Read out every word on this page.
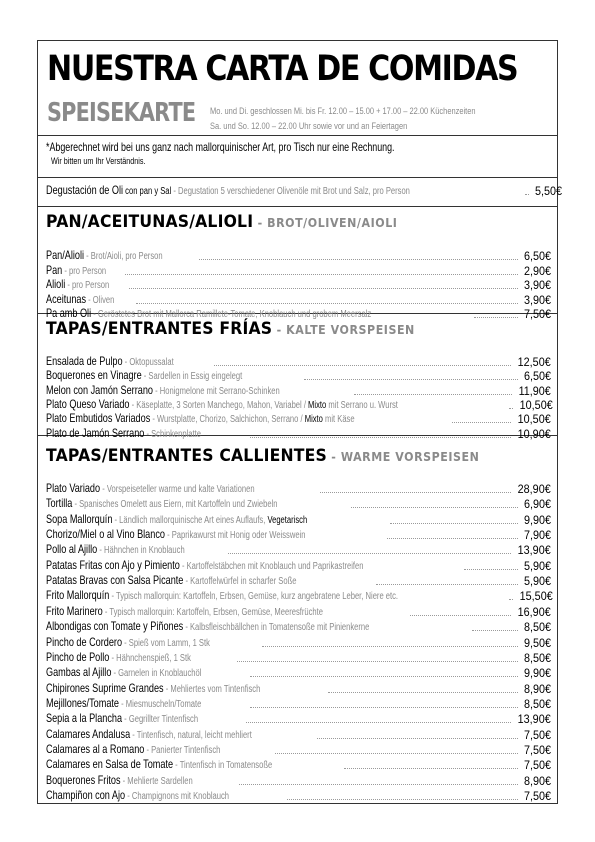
NUESTRA CARTA DE COMIDAS
SPEISEKARTE Mo. und Di. geschlossen Mi. bis Fr. 12.00 – 15.00 + 17.00 – 22.00 Küchenzeiten
Sa. und So. 12.00 – 22.00 Uhr sowie vor und an Feiertagen
*Abgerechnet wird bei uns ganz nach mallorquinischer Art, pro Tisch nur eine Rechnung.
Wir bitten um Ihr Verständnis.
Degustación de Oli con pan y Sal - Degustation 5 verschiedener Olivenöle mit Brot und Salz, pro Person	5,50€
PAN/ACEITUNAS/ALIOLI - BROT/OLIVEN/AIOLI
Pan/Alioli - Brot/Aioli, pro Person	6,50€
Pan - pro Person	2,90€
Alioli - pro Person	3,90€
Aceitunas - Oliven	3,90€
Pa amb Oli - Geröstetes Brot mit Mallorca Ramillete-Tomate, Knoblauch und grobem Meersalz	7,50€
TAPAS/ENTRANTES FRÍAS - KALTE VORSPEISEN
Ensalada de Pulpo - Oktopussalat	12,50€
Boquerones en Vinagre - Sardellen in Essig eingelegt	6,50€
Melon con Jamón Serrano - Honigmelone mit Serrano-Schinken	11,90€
Plato Queso Variado - Käseplatte, 3 Sorten Manchego, Mahon, Variabel / Mixto mit Serrano u. Wurst	10,50€
Plato Embutidos Variados - Wurstplatte, Chorizo, Salchichon, Serrano / Mixto mit Käse	10,50€
Plato de Jamón Serrano - Schinkenplatte	10,90€
TAPAS/ENTRANTES CALLIENTES - WARME VORSPEISEN
Plato Variado - Vorspeiseteller warme und kalte Variationen	28,90€
Tortilla - Spanisches Omelett aus Eiern, mit Kartoffeln und Zwiebeln	6,90€
Sopa Mallorquín - Ländlich mallorquinische Art eines Auflaufs, Vegetarisch	9,90€
Chorizo/Miel o al Vino Blanco - Paprikawurst mit Honig oder Weisswein	7,90€
Pollo al Ajillo - Hähnchen in Knoblauch	13,90€
Patatas Fritas con Ajo y Pimiento - Kartoffelstäbchen mit Knoblauch und Paprikastreifen	5,90€
Patatas Bravas con Salsa Picante - Kartoffelwürfel in scharfer Soße	5,90€
Frito Mallorquín - Typisch mallorquin: Kartoffeln, Erbsen, Gemüse, kurz angebratene Leber, Niere etc.	15,50€
Frito Marinero - Typisch mallorquin: Kartoffeln, Erbsen, Gemüse, Meeresfrüchte	16,90€
Albondigas con Tomate y Piñones - Kalbsfleischbällchen in Tomatensoße mit Pinienkerne	8,50€
Pincho de Cordero - Spieß vom Lamm, 1 Stk	9,50€
Pincho de Pollo - Hähnchenspieß, 1 Stk	8,50€
Gambas al Ajillo - Garnelen in Knoblauchöl	9,90€
Chipirones Suprime Grandes - Mehliertes vom Tintenfisch	8,90€
Mejillones/Tomate - Miesmuscheln/Tomate	8,50€
Sepia a la Plancha - Gegrillter Tintenfisch	13,90€
Calamares Andalusa - Tintenfisch, natural, leicht mehliert	7,50€
Calamares al a Romano - Panierter Tintenfisch	7,50€
Calamares en Salsa de Tomate - Tintenfisch in Tomatensoße	7,50€
Boquerones Fritos - Mehlierte Sardellen	8,90€
Champiñon con Ajo - Champignons mit Knoblauch	7,50€
